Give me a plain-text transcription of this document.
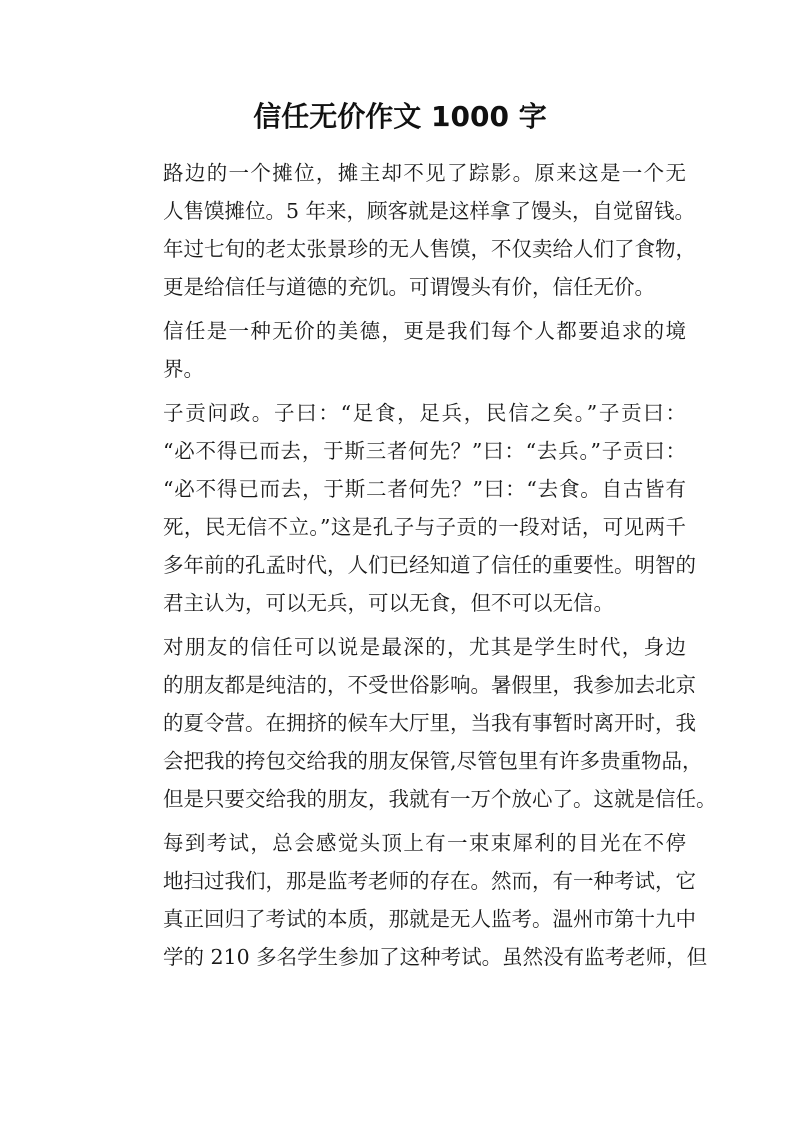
信任无价作文 1000 字

路边的一个摊位，摊主却不见了踪影。原来这是一个无
人售馍摊位。5 年来，顾客就是这样拿了馒头，自觉留钱。
年过七旬的老太张景珍的无人售馍，不仅卖给人们了食物，
更是给信任与道德的充饥。可谓馒头有价，信任无价。

信任是一种无价的美德，更是我们每个人都要追求的境
界。

子贡问政。子曰：“足食，足兵，民信之矣。”子贡曰：
“必不得已而去，于斯三者何先？”曰：“去兵。”子贡曰：
“必不得已而去，于斯二者何先？”曰：“去食。自古皆有
死，民无信不立。”这是孔子与子贡的一段对话，可见两千
多年前的孔孟时代，人们已经知道了信任的重要性。明智的
君主认为，可以无兵，可以无食，但不可以无信。

对朋友的信任可以说是最深的，尤其是学生时代，身边
的朋友都是纯洁的，不受世俗影响。暑假里，我参加去北京
的夏令营。在拥挤的候车大厅里，当我有事暂时离开时，我
会把我的挎包交给我的朋友保管,尽管包里有许多贵重物品，
但是只要交给我的朋友，我就有一万个放心了。这就是信任。

每到考试，总会感觉头顶上有一束束犀利的目光在不停
地扫过我们，那是监考老师的存在。然而，有一种考试，它
真正回归了考试的本质，那就是无人监考。温州市第十九中
学的 210 多名学生参加了这种考试。虽然没有监考老师，但
